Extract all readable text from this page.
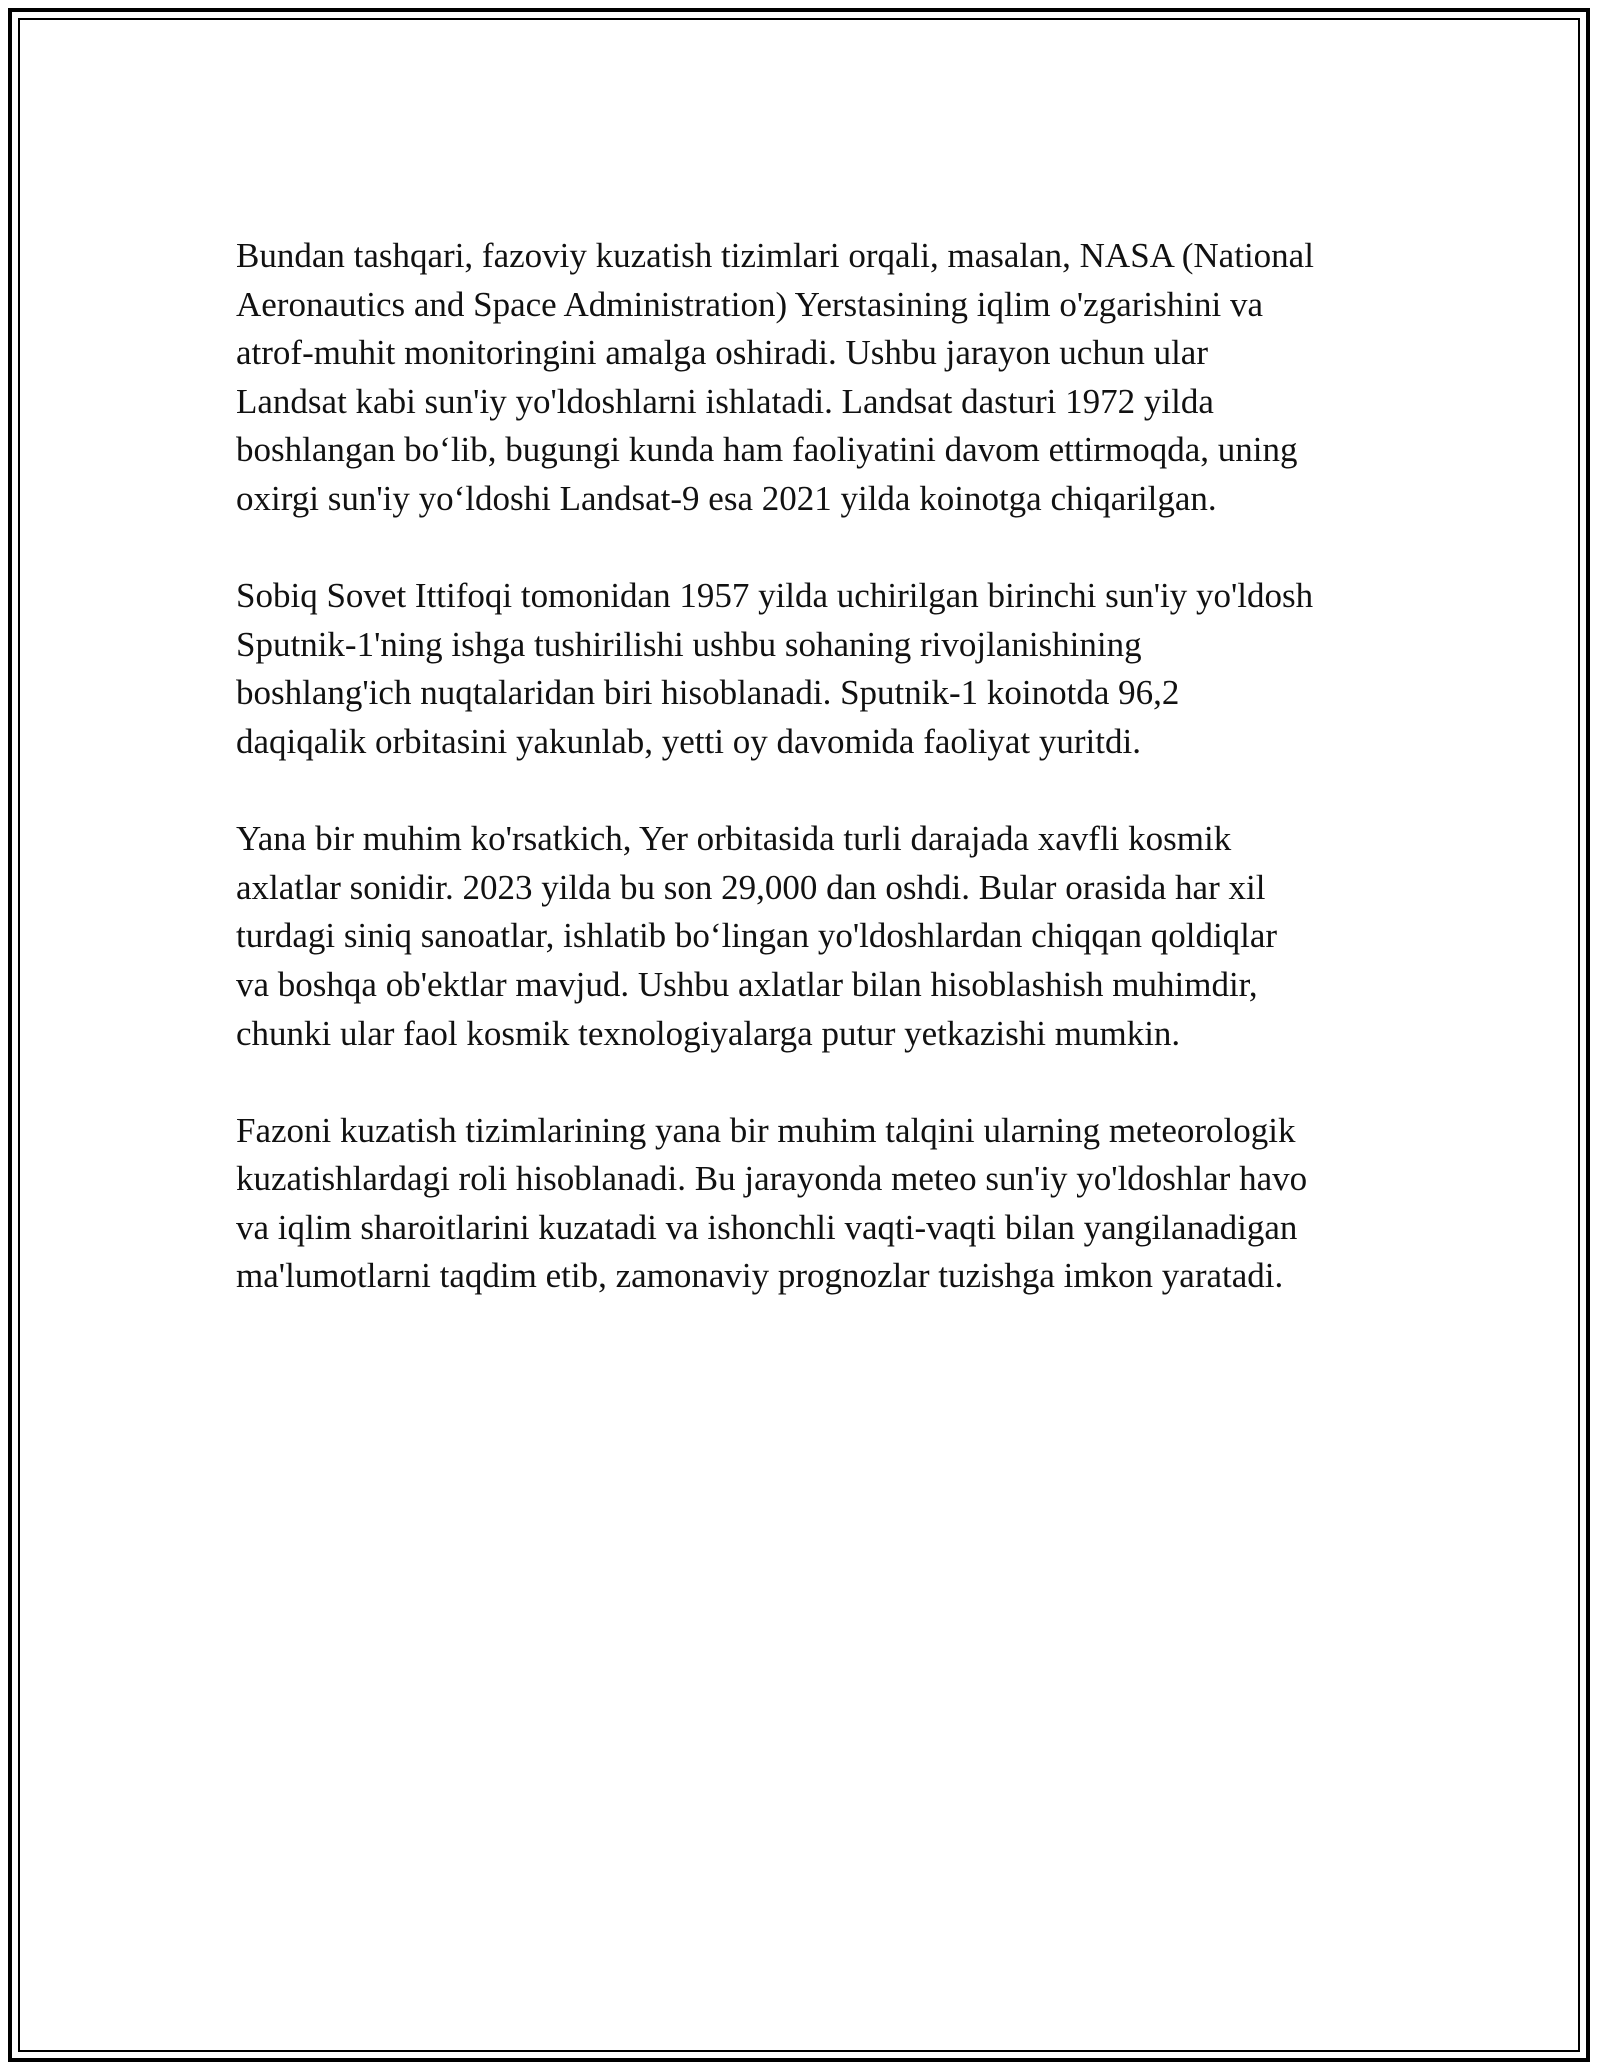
Bundan tashqari, fazoviy kuzatish tizimlari orqali, masalan, NASA (National
Aeronautics and Space Administration) Yerstasining iqlim o'zgarishini va
atrof-muhit monitoringini amalga oshiradi. Ushbu jarayon uchun ular
Landsat kabi sun'iy yo'ldoshlarni ishlatadi. Landsat dasturi 1972 yilda
boshlangan bo‘lib, bugungi kunda ham faoliyatini davom ettirmoqda, uning
oxirgi sun'iy yo‘ldoshi Landsat-9 esa 2021 yilda koinotga chiqarilgan.

Sobiq Sovet Ittifoqi tomonidan 1957 yilda uchirilgan birinchi sun'iy yo'ldosh
Sputnik-1'ning ishga tushirilishi ushbu sohaning rivojlanishining
boshlang'ich nuqtalaridan biri hisoblanadi. Sputnik-1 koinotda 96,2
daqiqalik orbitasini yakunlab, yetti oy davomida faoliyat yuritdi.

Yana bir muhim ko'rsatkich, Yer orbitasida turli darajada xavfli kosmik
axlatlar sonidir. 2023 yilda bu son 29,000 dan oshdi. Bular orasida har xil
turdagi siniq sanoatlar, ishlatib bo‘lingan yo'ldoshlardan chiqqan qoldiqlar
va boshqa ob'ektlar mavjud. Ushbu axlatlar bilan hisoblashish muhimdir,
chunki ular faol kosmik texnologiyalarga putur yetkazishi mumkin.

Fazoni kuzatish tizimlarining yana bir muhim talqini ularning meteorologik
kuzatishlardagi roli hisoblanadi. Bu jarayonda meteo sun'iy yo'ldoshlar havo
va iqlim sharoitlarini kuzatadi va ishonchli vaqti-vaqti bilan yangilanadigan
ma'lumotlarni taqdim etib, zamonaviy prognozlar tuzishga imkon yaratadi.
